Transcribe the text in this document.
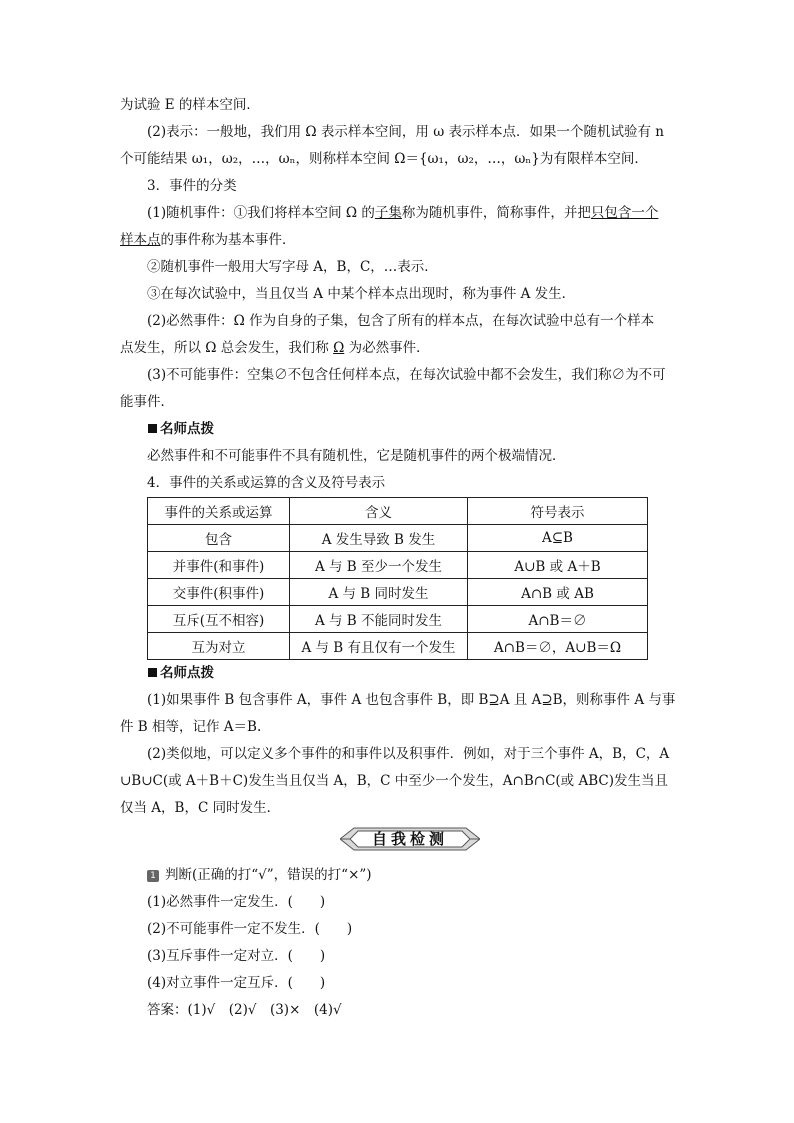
为试验 E 的样本空间．
(2)表示：一般地，我们用 Ω 表示样本空间，用 ω 表示样本点．如果一个随机试验有 n
个可能结果 ω₁，ω₂，…，ωₙ，则称样本空间 Ω＝{ω₁，ω₂，…，ωₙ}为有限样本空间．
3．事件的分类
(1)随机事件：①我们将样本空间 Ω 的子集称为随机事件，简称事件，并把只包含一个
样本点的事件称为基本事件．
②随机事件一般用大写字母 A，B，C，…表示．
③在每次试验中，当且仅当 A 中某个样本点出现时，称为事件 A 发生．
(2)必然事件：Ω 作为自身的子集，包含了所有的样本点，在每次试验中总有一个样本
点发生，所以 Ω 总会发生，我们称 Ω 为必然事件．
(3)不可能事件：空集∅不包含任何样本点，在每次试验中都不会发生，我们称∅为不可
能事件．
名师点拨
必然事件和不可能事件不具有随机性，它是随机事件的两个极端情况．
4．事件的关系或运算的含义及符号表示
事件的关系或运算	含义	符号表示
包含	A 发生导致 B 发生	A⊆B
并事件(和事件)	A 与 B 至少一个发生	A∪B 或 A＋B
交事件(积事件)	A 与 B 同时发生	A∩B 或 AB
互斥(互不相容)	A 与 B 不能同时发生	A∩B＝∅
互为对立	A 与 B 有且仅有一个发生	A∩B＝∅，A∪B＝Ω
名师点拨
(1)如果事件 B 包含事件 A，事件 A 也包含事件 B，即 B⊇A 且 A⊇B，则称事件 A 与事
件 B 相等，记作 A＝B.
(2)类似地，可以定义多个事件的和事件以及积事件．例如，对于三个事件 A，B，C，A
∪B∪C(或 A＋B＋C)发生当且仅当 A，B，C 中至少一个发生，A∩B∩C(或 ABC)发生当且
仅当 A，B，C 同时发生．
自我检测
1 判断(正确的打“√”，错误的打“×”)
(1)必然事件一定发生．(　　)
(2)不可能事件一定不发生．(　　)
(3)互斥事件一定对立．(　　)
(4)对立事件一定互斥．(　　)
答案：(1)√　(2)√　(3)×　(4)√
